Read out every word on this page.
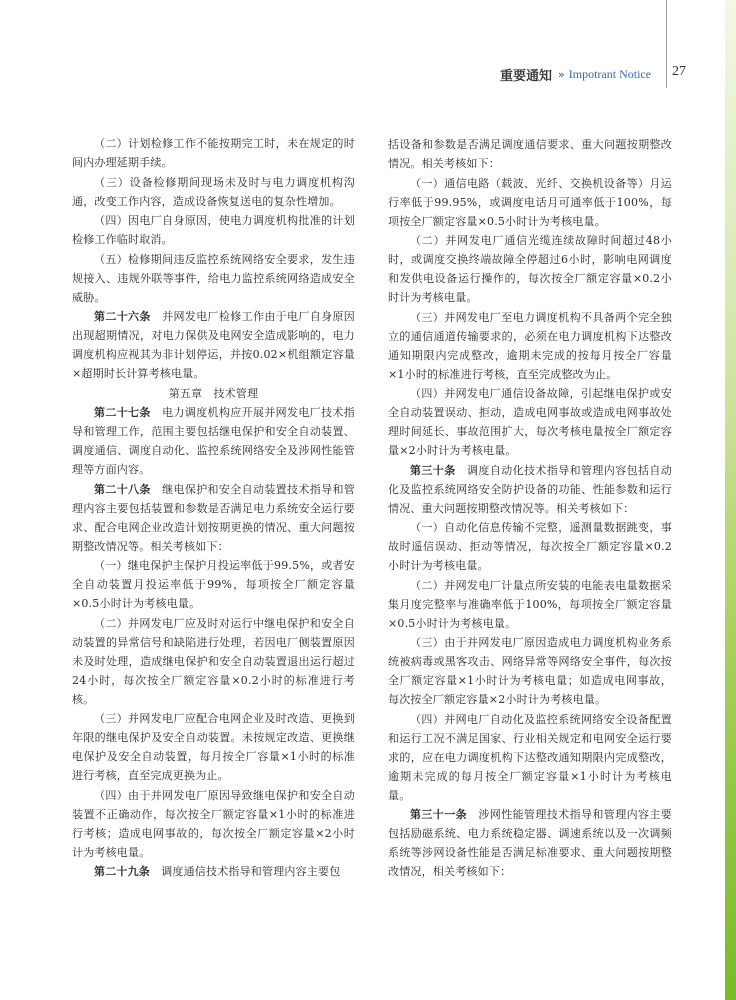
重要通知 » Impotrant Notice 27

（二）计划检修工作不能按期完工时，未在规定的时间内办理延期手续。

（三）设备检修期间现场未及时与电力调度机构沟通，改变工作内容，造成设备恢复送电的复杂性增加。

（四）因电厂自身原因，使电力调度机构批准的计划检修工作临时取消。

（五）检修期间违反监控系统网络安全要求，发生违规接入、违规外联等事件，给电力监控系统网络造成安全威胁。

第二十六条　 并网发电厂检修工作由于电厂自身原因出现超期情况，对电力保供及电网安全造成影响的，电力调度机构应视其为非计划停运，并按0.02×机组额定容量×超期时长计算考核电量。

第五章　技术管理

第二十七条　 电力调度机构应开展并网发电厂技术指导和管理工作，范围主要包括继电保护和安全自动装置、调度通信、调度自动化、监控系统网络安全及涉网性能管理等方面内容。

第二十八条　 继电保护和安全自动装置技术指导和管理内容主要包括装置和参数是否满足电力系统安全运行要求、配合电网企业改造计划按期更换的情况、重大问题按期整改情况等。相关考核如下：

（一）继电保护主保护月投运率低于99.5%，或者安全自动装置月投运率低于99%，每项按全厂额定容量×0.5小时计为考核电量。

（二）并网发电厂应及时对运行中继电保护和安全自动装置的异常信号和缺陷进行处理，若因电厂侧装置原因未及时处理，造成继电保护和安全自动装置退出运行超过24小时，每次按全厂额定容量×0.2小时的标准进行考核。

（三）并网发电厂应配合电网企业及时改造、更换到年限的继电保护及安全自动装置。未按规定改造、更换继电保护及安全自动装置，每月按全厂容量×1小时的标准进行考核，直至完成更换为止。

（四）由于并网发电厂原因导致继电保护和安全自动装置不正确动作，每次按全厂额定容量×1小时的标准进行考核；造成电网事故的，每次按全厂额定容量×2小时计为考核电量。

第二十九条　 调度通信技术指导和管理内容主要包

括设备和参数是否满足调度通信要求、重大问题按期整改情况。相关考核如下：

（一）通信电路（载波、光纤、交换机设备等）月运行率低于99.95%，或调度电话月可通率低于100%，每项按全厂额定容量×0.5小时计为考核电量。

（二）并网发电厂通信光缆连续故障时间超过48小时，或调度交换终端故障全停超过6小时，影响电网调度和发供电设备运行操作的，每次按全厂额定容量×0.2小时计为考核电量。

（三）并网发电厂至电力调度机构不具备两个完全独立的通信通道传输要求的，必须在电力调度机构下达整改通知期限内完成整改，逾期未完成的按每月按全厂容量×1小时的标准进行考核，直至完成整改为止。

（四）并网发电厂通信设备故障，引起继电保护或安全自动装置误动、拒动，造成电网事故或造成电网事故处理时间延长、事故范围扩大，每次考核电量按全厂额定容量×2小时计为考核电量。

第三十条　 调度自动化技术指导和管理内容包括自动化及监控系统网络安全防护设备的功能、性能参数和运行情况、重大问题按期整改情况等。相关考核如下：

（一）自动化信息传输不完整，遥测量数据跳变，事故时遥信误动、拒动等情况，每次按全厂额定容量×0.2小时计为考核电量。

（二）并网发电厂计量点所安装的电能表电量数据采集月度完整率与准确率低于100%，每项按全厂额定容量×0.5小时计为考核电量。

（三）由于并网发电厂原因造成电力调度机构业务系统被病毒或黑客攻击、网络异常等网络安全事件，每次按全厂额定容量×1小时计为考核电量；如造成电网事故，每次按全厂额定容量×2小时计为考核电量。

（四）并网电厂自动化及监控系统网络安全设备配置和运行工况不满足国家、行业相关规定和电网安全运行要求的，应在电力调度机构下达整改通知期限内完成整改，逾期未完成的每月按全厂额定容量×1小时计为考核电量。

第三十一条　 涉网性能管理技术指导和管理内容主要包括励磁系统、电力系统稳定器、调速系统以及一次调频系统等涉网设备性能是否满足标准要求、重大问题按期整改情况，相关考核如下：
